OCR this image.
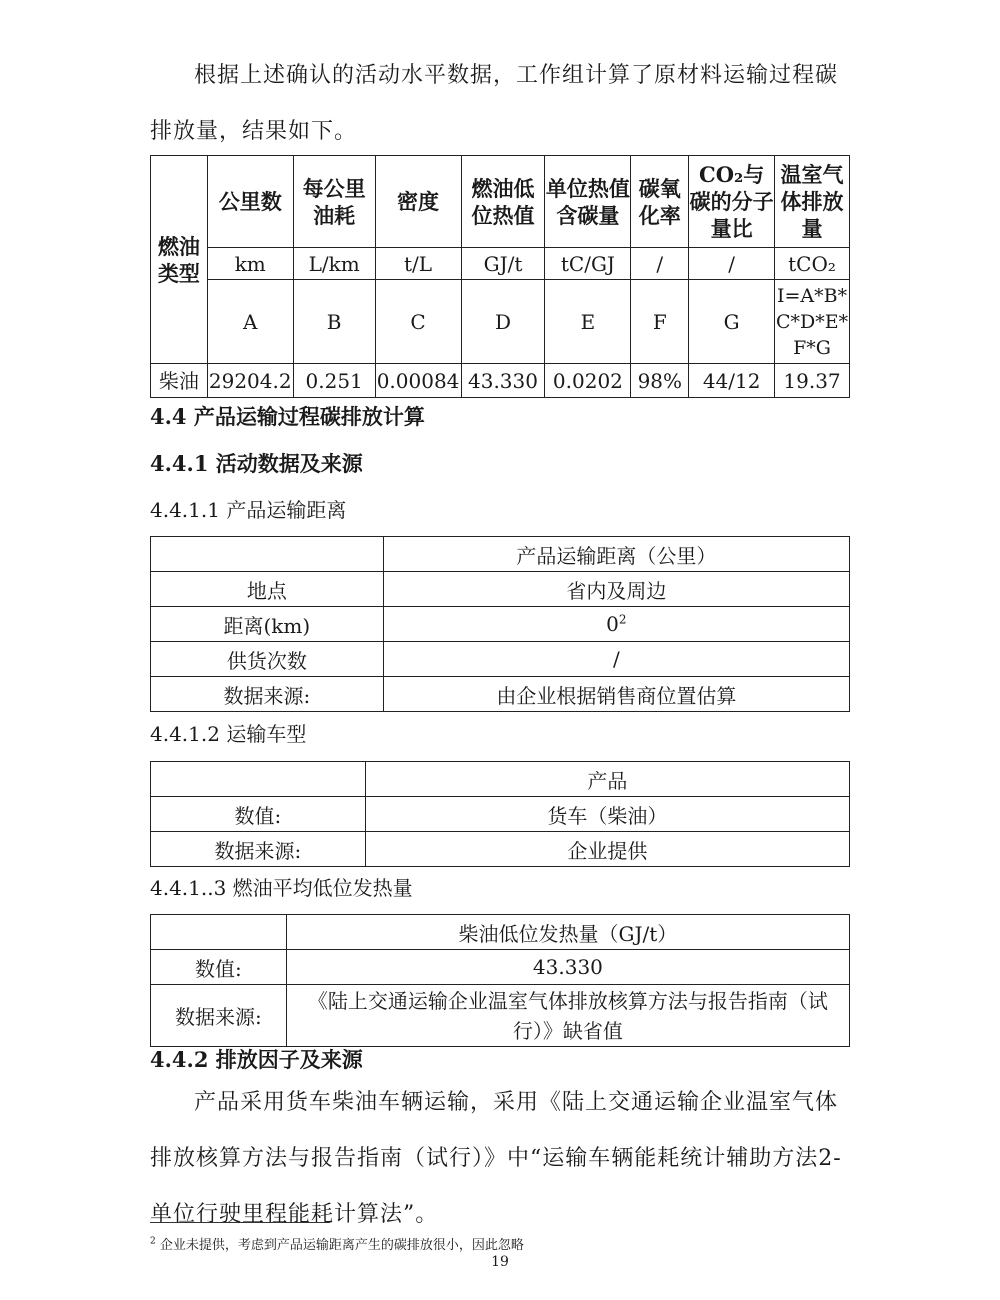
根据上述确认的活动水平数据，工作组计算了原材料运输过程碳排放量，结果如下。

燃油类型	公里数	每公里油耗	密度	燃油低位热值	单位热值含碳量	碳氧化率	CO₂与碳的分子量比	温室气体排放量
	km	L/km	t/L	GJ/t	tC/GJ	/	/	tCO₂
	A	B	C	D	E	F	G	I=A*B*C*D*E*F*G
柴油	29204.2	0.251	0.00084	43.330	0.0202	98%	44/12	19.37

4.4 产品运输过程碳排放计算

4.4.1 活动数据及来源

4.4.1.1 产品运输距离

	产品运输距离（公里）
地点	省内及周边
距离(km)	$0^2$
供货次数	/
数据来源:	由企业根据销售商位置估算

4.4.1.2 运输车型

	产品
数值:	货车（柴油）
数据来源:	企业提供

4.4.1..3 燃油平均低位发热量

	柴油低位发热量（GJ/t）
数值:	43.330
数据来源:	《陆上交通运输企业温室气体排放核算方法与报告指南（试行）》缺省值

4.4.2 排放因子及来源

产品采用货车柴油车辆运输，采用《陆上交通运输企业温室气体排放核算方法与报告指南（试行）》中“运输车辆能耗统计辅助方法2-单位行驶里程能耗计算法”。

$^2$ 企业未提供，考虑到产品运输距离产生的碳排放很小，因此忽略
19
